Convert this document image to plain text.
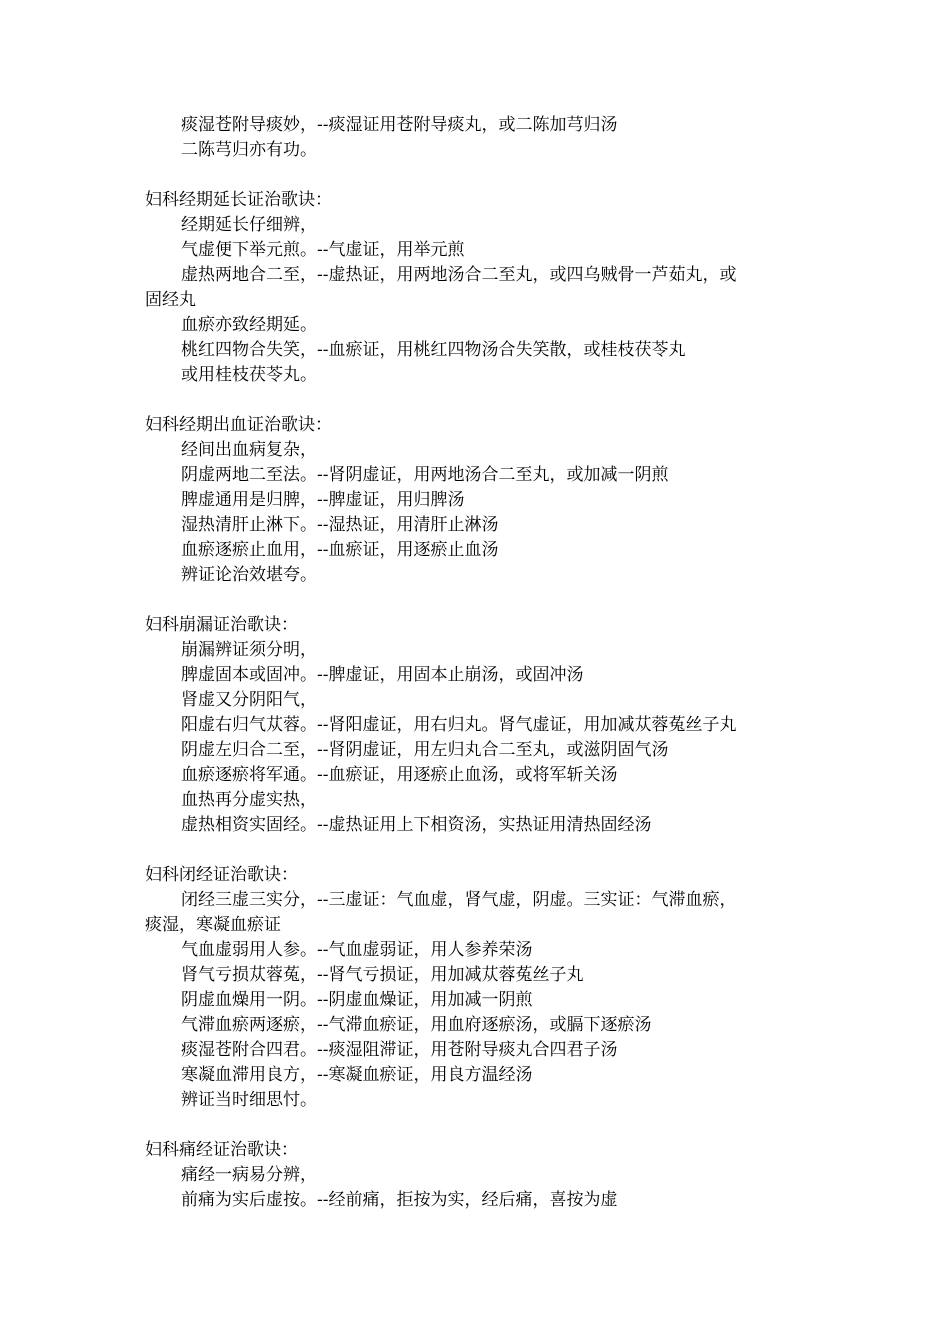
痰湿苍附导痰妙，--痰湿证用苍附导痰丸，或二陈加芎归汤
二陈芎归亦有功。
妇科经期延长证治歌诀：
经期延长仔细辨，
气虚便下举元煎。--气虚证，用举元煎
虚热两地合二至，--虚热证，用两地汤合二至丸，或四乌贼骨一芦茹丸，或
固经丸
血瘀亦致经期延。
桃红四物合失笑，--血瘀证，用桃红四物汤合失笑散，或桂枝茯苓丸
或用桂枝茯苓丸。
妇科经期出血证治歌诀：
经间出血病复杂，
阴虚两地二至法。--肾阴虚证，用两地汤合二至丸，或加减一阴煎
脾虚通用是归脾，--脾虚证，用归脾汤
湿热清肝止淋下。--湿热证，用清肝止淋汤
血瘀逐瘀止血用，--血瘀证，用逐瘀止血汤
辨证论治效堪夸。
妇科崩漏证治歌诀：
崩漏辨证须分明，
脾虚固本或固冲。--脾虚证，用固本止崩汤，或固冲汤
肾虚又分阴阳气，
阳虚右归气苁蓉。--肾阳虚证，用右归丸。肾气虚证，用加减苁蓉菟丝子丸
阴虚左归合二至，--肾阴虚证，用左归丸合二至丸，或滋阴固气汤
血瘀逐瘀将军通。--血瘀证，用逐瘀止血汤，或将军斩关汤
血热再分虚实热，
虚热相资实固经。--虚热证用上下相资汤，实热证用清热固经汤
妇科闭经证治歌诀：
闭经三虚三实分，--三虚证：气血虚，肾气虚，阴虚。三实证：气滞血瘀，
痰湿，寒凝血瘀证
气血虚弱用人参。--气血虚弱证，用人参养荣汤
肾气亏损苁蓉菟，--肾气亏损证，用加减苁蓉菟丝子丸
阴虚血燥用一阴。--阴虚血燥证，用加减一阴煎
气滞血瘀两逐瘀，--气滞血瘀证，用血府逐瘀汤，或膈下逐瘀汤
痰湿苍附合四君。--痰湿阻滞证，用苍附导痰丸合四君子汤
寒凝血滞用良方，--寒凝血瘀证，用良方温经汤
辨证当时细思忖。
妇科痛经证治歌诀：
痛经一病易分辨，
前痛为实后虚按。--经前痛，拒按为实，经后痛，喜按为虚
